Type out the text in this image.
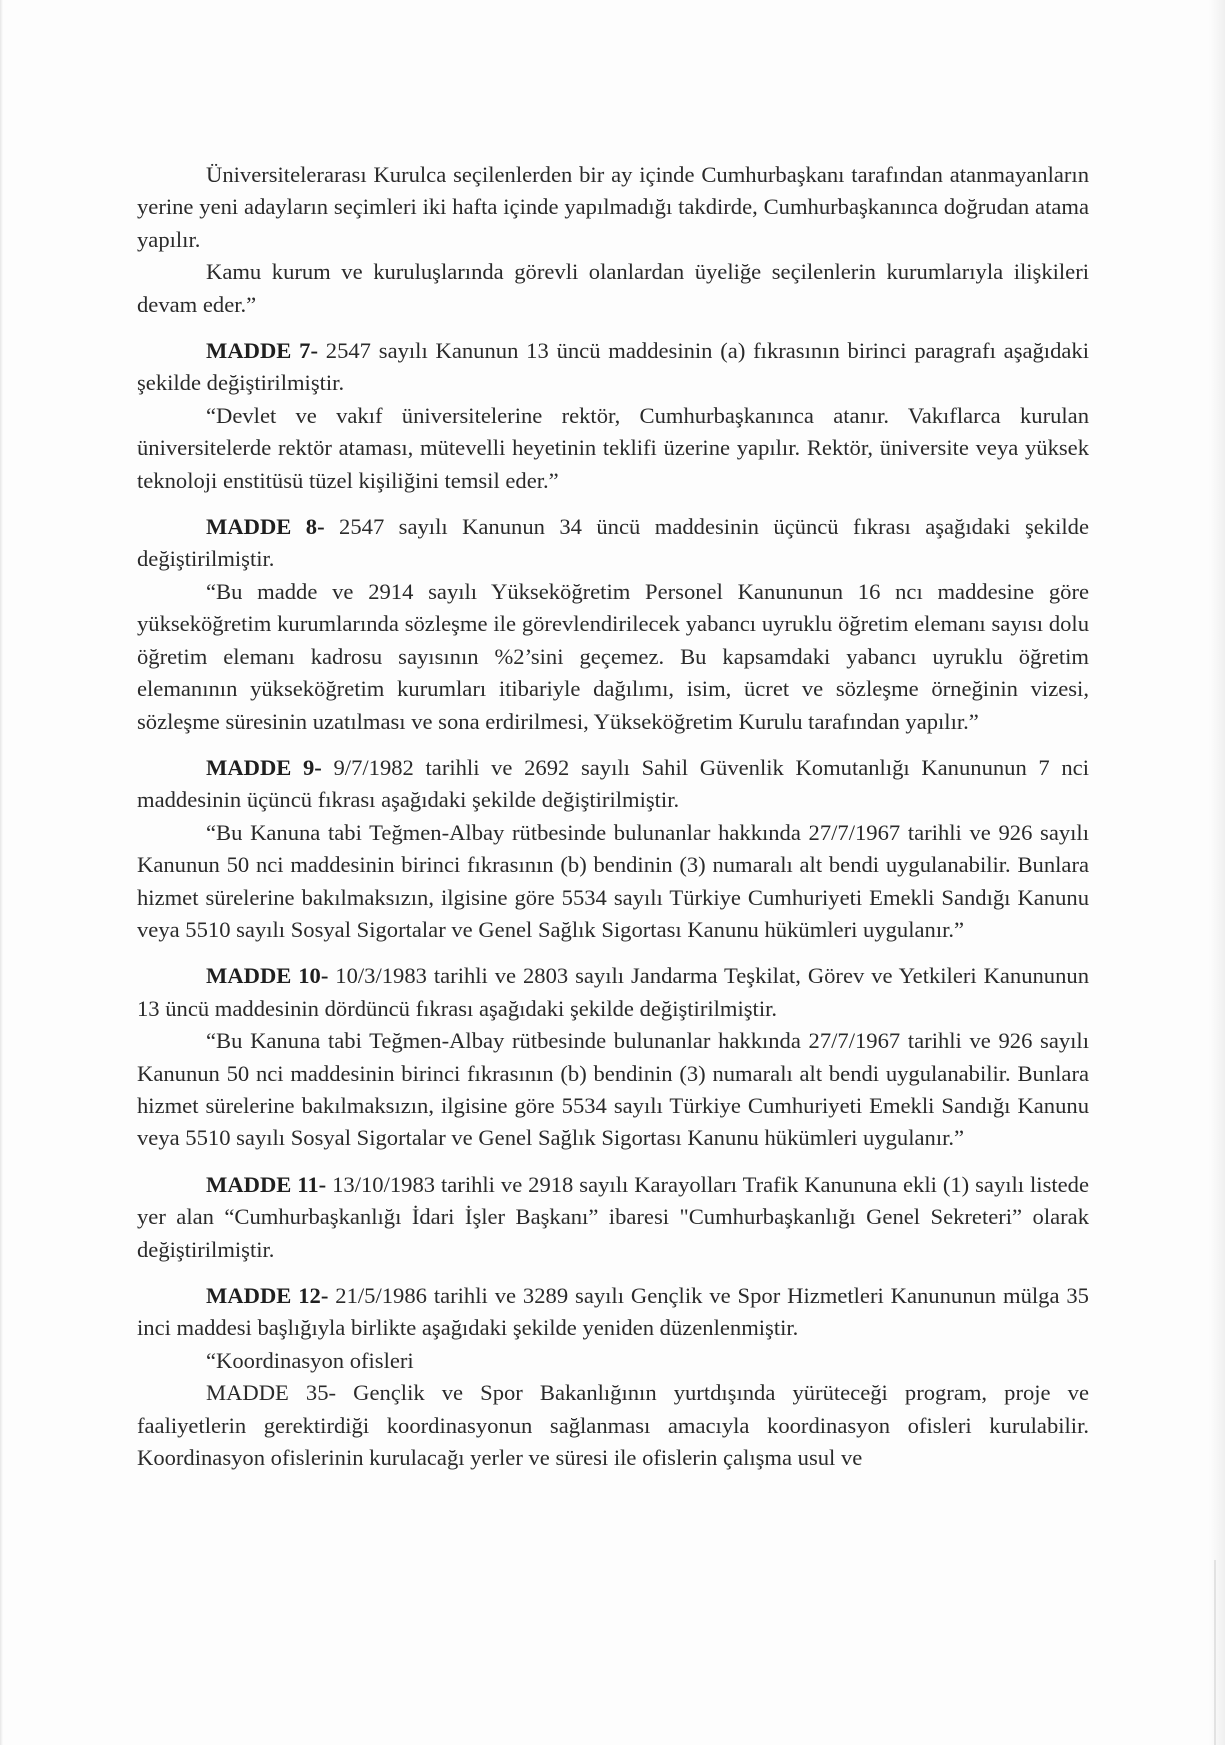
Üniversitelerarası Kurulca seçilenlerden bir ay içinde Cumhurbaşkanı tarafından atanmayanların yerine yeni adayların seçimleri iki hafta içinde yapılmadığı takdirde, Cumhurbaşkanınca doğrudan atama yapılır.

Kamu kurum ve kuruluşlarında görevli olanlardan üyeliğe seçilenlerin kurumlarıyla ilişkileri devam eder.”

MADDE 7- 2547 sayılı Kanunun 13 üncü maddesinin (a) fıkrasının birinci paragrafı aşağıdaki şekilde değiştirilmiştir.

“Devlet ve vakıf üniversitelerine rektör, Cumhurbaşkanınca atanır. Vakıflarca kurulan üniversitelerde rektör ataması, mütevelli heyetinin teklifi üzerine yapılır. Rektör, üniversite veya yüksek teknoloji enstitüsü tüzel kişiliğini temsil eder.”

MADDE 8- 2547 sayılı Kanunun 34 üncü maddesinin üçüncü fıkrası aşağıdaki şekilde değiştirilmiştir.

“Bu madde ve 2914 sayılı Yükseköğretim Personel Kanununun 16 ncı maddesine göre yükseköğretim kurumlarında sözleşme ile görevlendirilecek yabancı uyruklu öğretim elemanı sayısı dolu öğretim elemanı kadrosu sayısının %2’sini geçemez. Bu kapsamdaki yabancı uyruklu öğretim elemanının yükseköğretim kurumları itibariyle dağılımı, isim, ücret ve sözleşme örneğinin vizesi, sözleşme süresinin uzatılması ve sona erdirilmesi, Yükseköğretim Kurulu tarafından yapılır.”

MADDE 9- 9/7/1982 tarihli ve 2692 sayılı Sahil Güvenlik Komutanlığı Kanununun 7 nci maddesinin üçüncü fıkrası aşağıdaki şekilde değiştirilmiştir.

“Bu Kanuna tabi Teğmen-Albay rütbesinde bulunanlar hakkında 27/7/1967 tarihli ve 926 sayılı Kanunun 50 nci maddesinin birinci fıkrasının (b) bendinin (3) numaralı alt bendi uygulanabilir. Bunlara hizmet sürelerine bakılmaksızın, ilgisine göre 5534 sayılı Türkiye Cumhuriyeti Emekli Sandığı Kanunu veya 5510 sayılı Sosyal Sigortalar ve Genel Sağlık Sigortası Kanunu hükümleri uygulanır.”

MADDE 10- 10/3/1983 tarihli ve 2803 sayılı Jandarma Teşkilat, Görev ve Yetkileri Kanununun 13 üncü maddesinin dördüncü fıkrası aşağıdaki şekilde değiştirilmiştir.

“Bu Kanuna tabi Teğmen-Albay rütbesinde bulunanlar hakkında 27/7/1967 tarihli ve 926 sayılı Kanunun 50 nci maddesinin birinci fıkrasının (b) bendinin (3) numaralı alt bendi uygulanabilir. Bunlara hizmet sürelerine bakılmaksızın, ilgisine göre 5534 sayılı Türkiye Cumhuriyeti Emekli Sandığı Kanunu veya 5510 sayılı Sosyal Sigortalar ve Genel Sağlık Sigortası Kanunu hükümleri uygulanır.”

MADDE 11- 13/10/1983 tarihli ve 2918 sayılı Karayolları Trafik Kanununa ekli (1) sayılı listede yer alan “Cumhurbaşkanlığı İdari İşler Başkanı” ibaresi "Cumhurbaşkanlığı Genel Sekreteri” olarak değiştirilmiştir.

MADDE 12- 21/5/1986 tarihli ve 3289 sayılı Gençlik ve Spor Hizmetleri Kanununun mülga 35 inci maddesi başlığıyla birlikte aşağıdaki şekilde yeniden düzenlenmiştir.

“Koordinasyon ofisleri

MADDE 35- Gençlik ve Spor Bakanlığının yurtdışında yürüteceği program, proje ve faaliyetlerin gerektirdiği koordinasyonun sağlanması amacıyla koordinasyon ofisleri kurulabilir. Koordinasyon ofislerinin kurulacağı yerler ve süresi ile ofislerin çalışma usul ve
